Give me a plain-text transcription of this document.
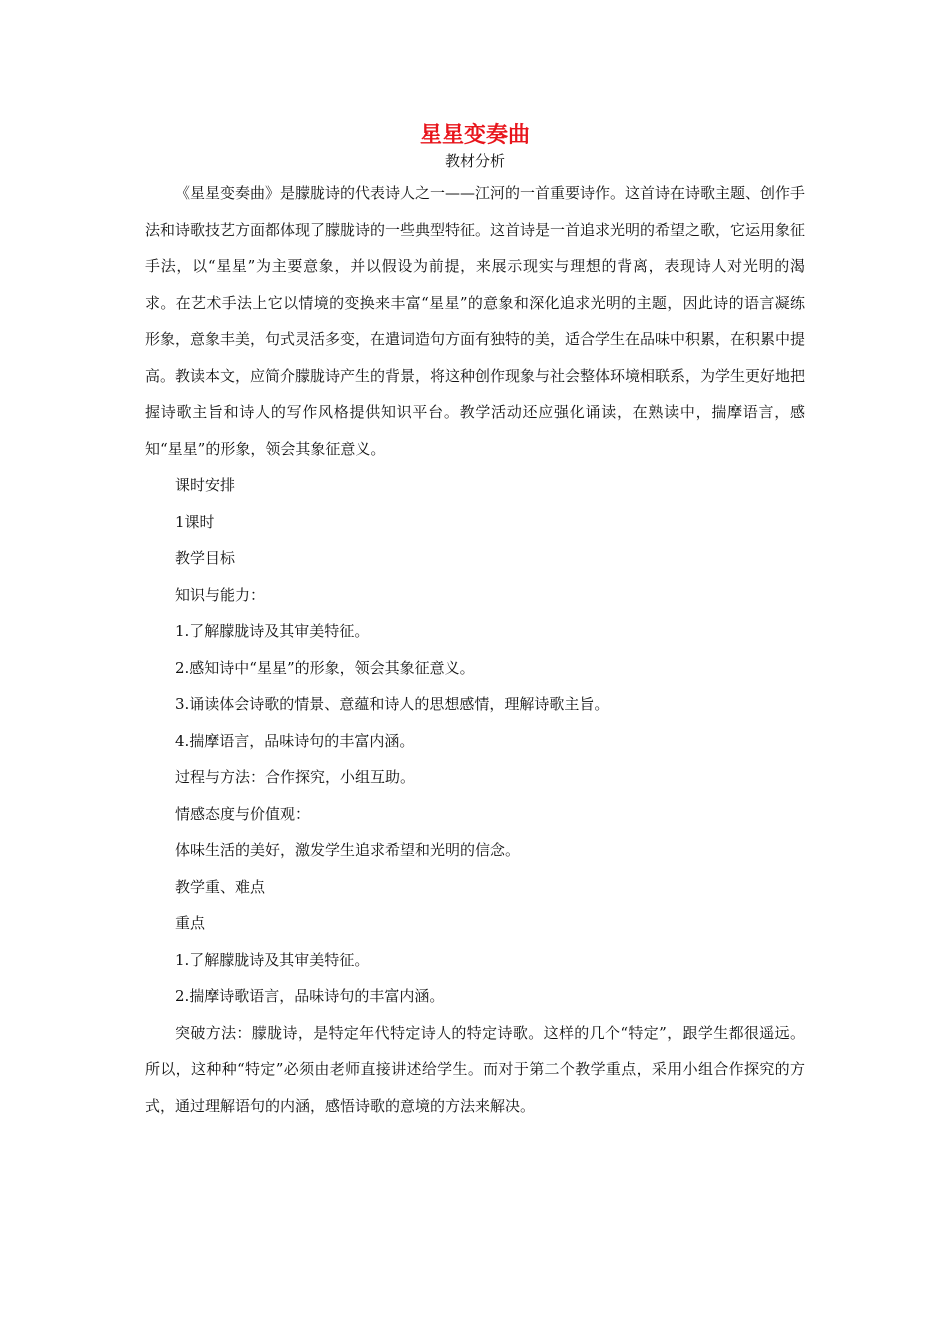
星星变奏曲
教材分析

《星星变奏曲》是朦胧诗的代表诗人之一——江河的一首重要诗作。这首诗在诗歌主题、创作手法和诗歌技艺方面都体现了朦胧诗的一些典型特征。这首诗是一首追求光明的希望之歌，它运用象征手法，以“星星”为主要意象，并以假设为前提，来展示现实与理想的背离，表现诗人对光明的渴求。在艺术手法上它以情境的变换来丰富“星星”的意象和深化追求光明的主题，因此诗的语言凝练形象，意象丰美，句式灵活多变，在遣词造句方面有独特的美，适合学生在品味中积累，在积累中提高。教读本文，应简介朦胧诗产生的背景，将这种创作现象与社会整体环境相联系，为学生更好地把握诗歌主旨和诗人的写作风格提供知识平台。教学活动还应强化诵读，在熟读中，揣摩语言，感知“星星”的形象，领会其象征意义。

课时安排

1课时

教学目标

知识与能力：

1.了解朦胧诗及其审美特征。

2.感知诗中“星星”的形象，领会其象征意义。

3.诵读体会诗歌的情景、意蕴和诗人的思想感情，理解诗歌主旨。

4.揣摩语言，品味诗句的丰富内涵。

过程与方法：合作探究，小组互助。

情感态度与价值观：

体味生活的美好，激发学生追求希望和光明的信念。

教学重、难点

重点

1.了解朦胧诗及其审美特征。

2.揣摩诗歌语言，品味诗句的丰富内涵。

突破方法：朦胧诗，是特定年代特定诗人的特定诗歌。这样的几个“特定”，跟学生都很遥远。所以，这种种“特定”必须由老师直接讲述给学生。而对于第二个教学重点，采用小组合作探究的方式，通过理解语句的内涵，感悟诗歌的意境的方法来解决。
